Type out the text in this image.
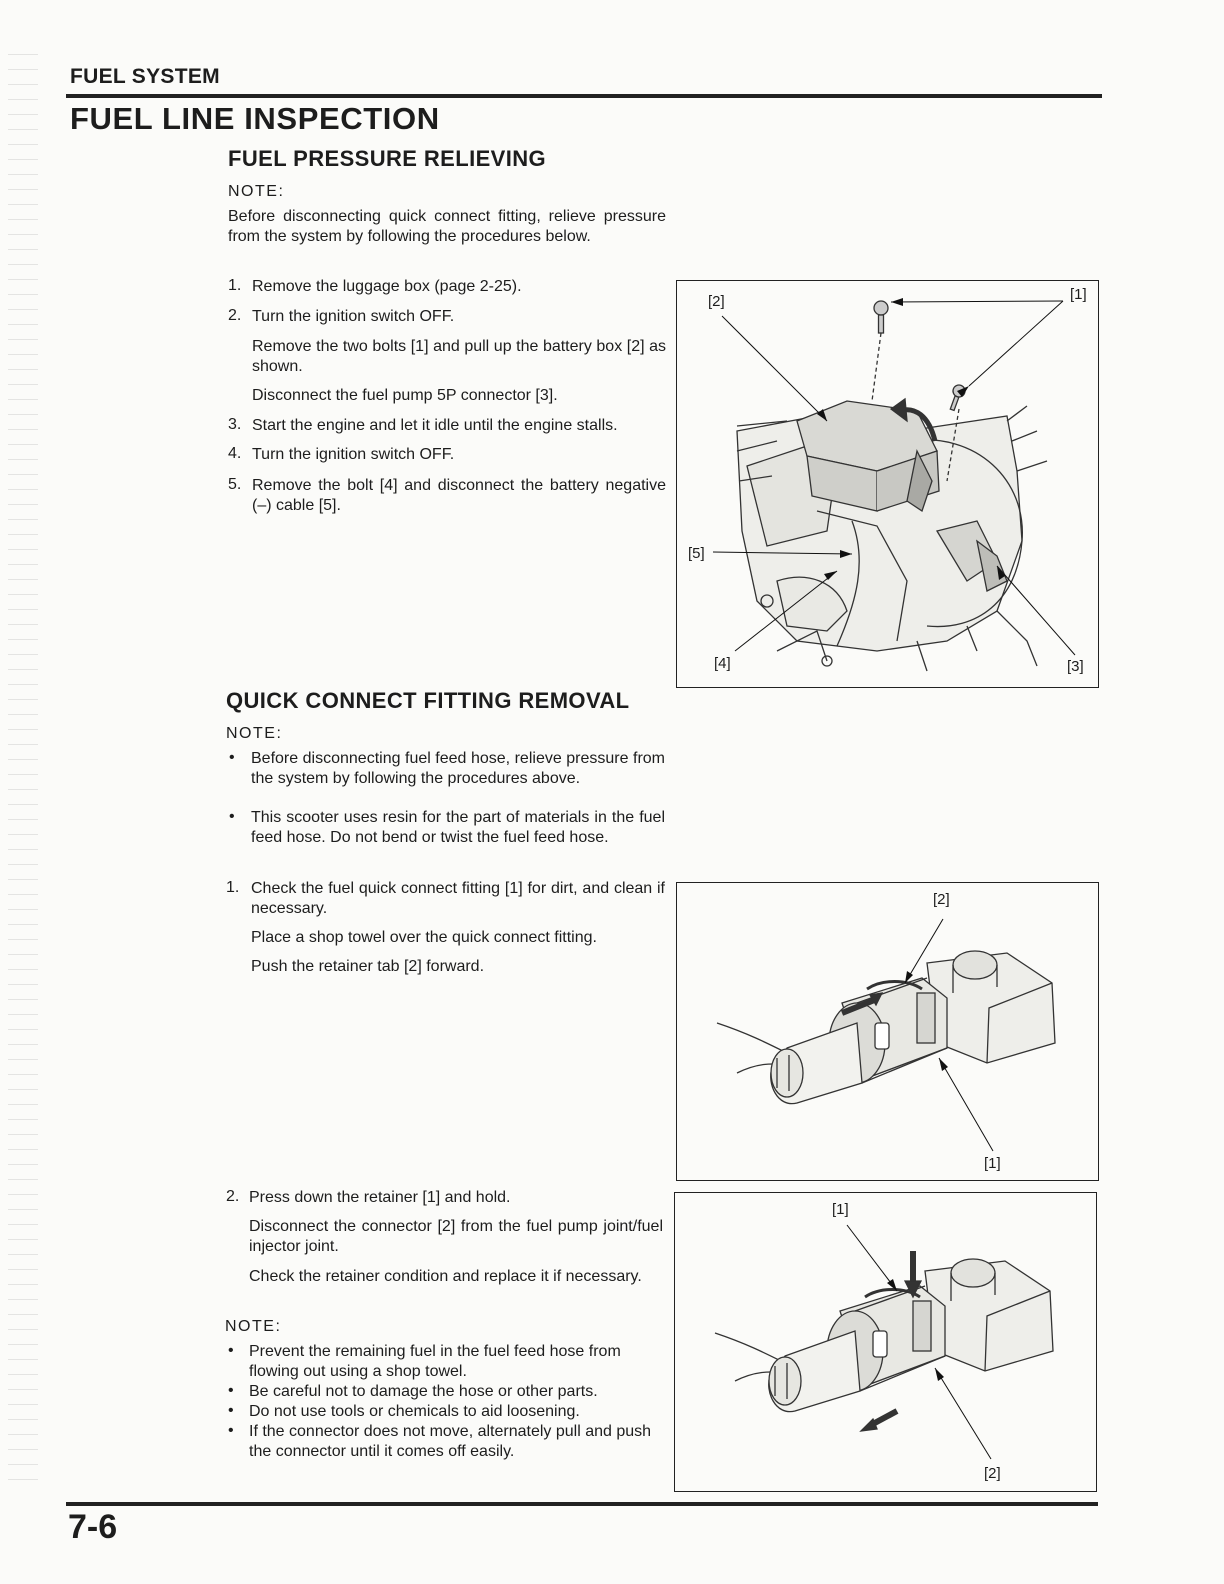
FUEL SYSTEM
FUEL LINE INSPECTION
FUEL PRESSURE RELIEVING
NOTE:
Before disconnecting quick connect fitting, relieve pressure from the system by following the procedures below.
1. Remove the luggage box (page 2-25).
2. Turn the ignition switch OFF.
Remove the two bolts [1] and pull up the battery box [2] as shown.
Disconnect the fuel pump 5P connector [3].
3. Start the engine and let it idle until the engine stalls.
4. Turn the ignition switch OFF.
5. Remove the bolt [4] and disconnect the battery negative (–) cable [5].
[2]	[1]
[5]
[4]	[3]
QUICK CONNECT FITTING REMOVAL
NOTE:
• Before disconnecting fuel feed hose, relieve pressure from the system by following the procedures above.
• This scooter uses resin for the part of materials in the fuel feed hose. Do not bend or twist the fuel feed hose.
1. Check the fuel quick connect fitting [1] for dirt, and clean if necessary.
Place a shop towel over the quick connect fitting.
Push the retainer tab [2] forward.
[2]
[1]
2. Press down the retainer [1] and hold.
Disconnect the connector [2] from the fuel pump joint/fuel injector joint.
Check the retainer condition and replace it if necessary.
NOTE:
• Prevent the remaining fuel in the fuel feed hose from flowing out using a shop towel.
• Be careful not to damage the hose or other parts.
• Do not use tools or chemicals to aid loosening.
• If the connector does not move, alternately pull and push the connector until it comes off easily.
[1]
[2]
7-6
